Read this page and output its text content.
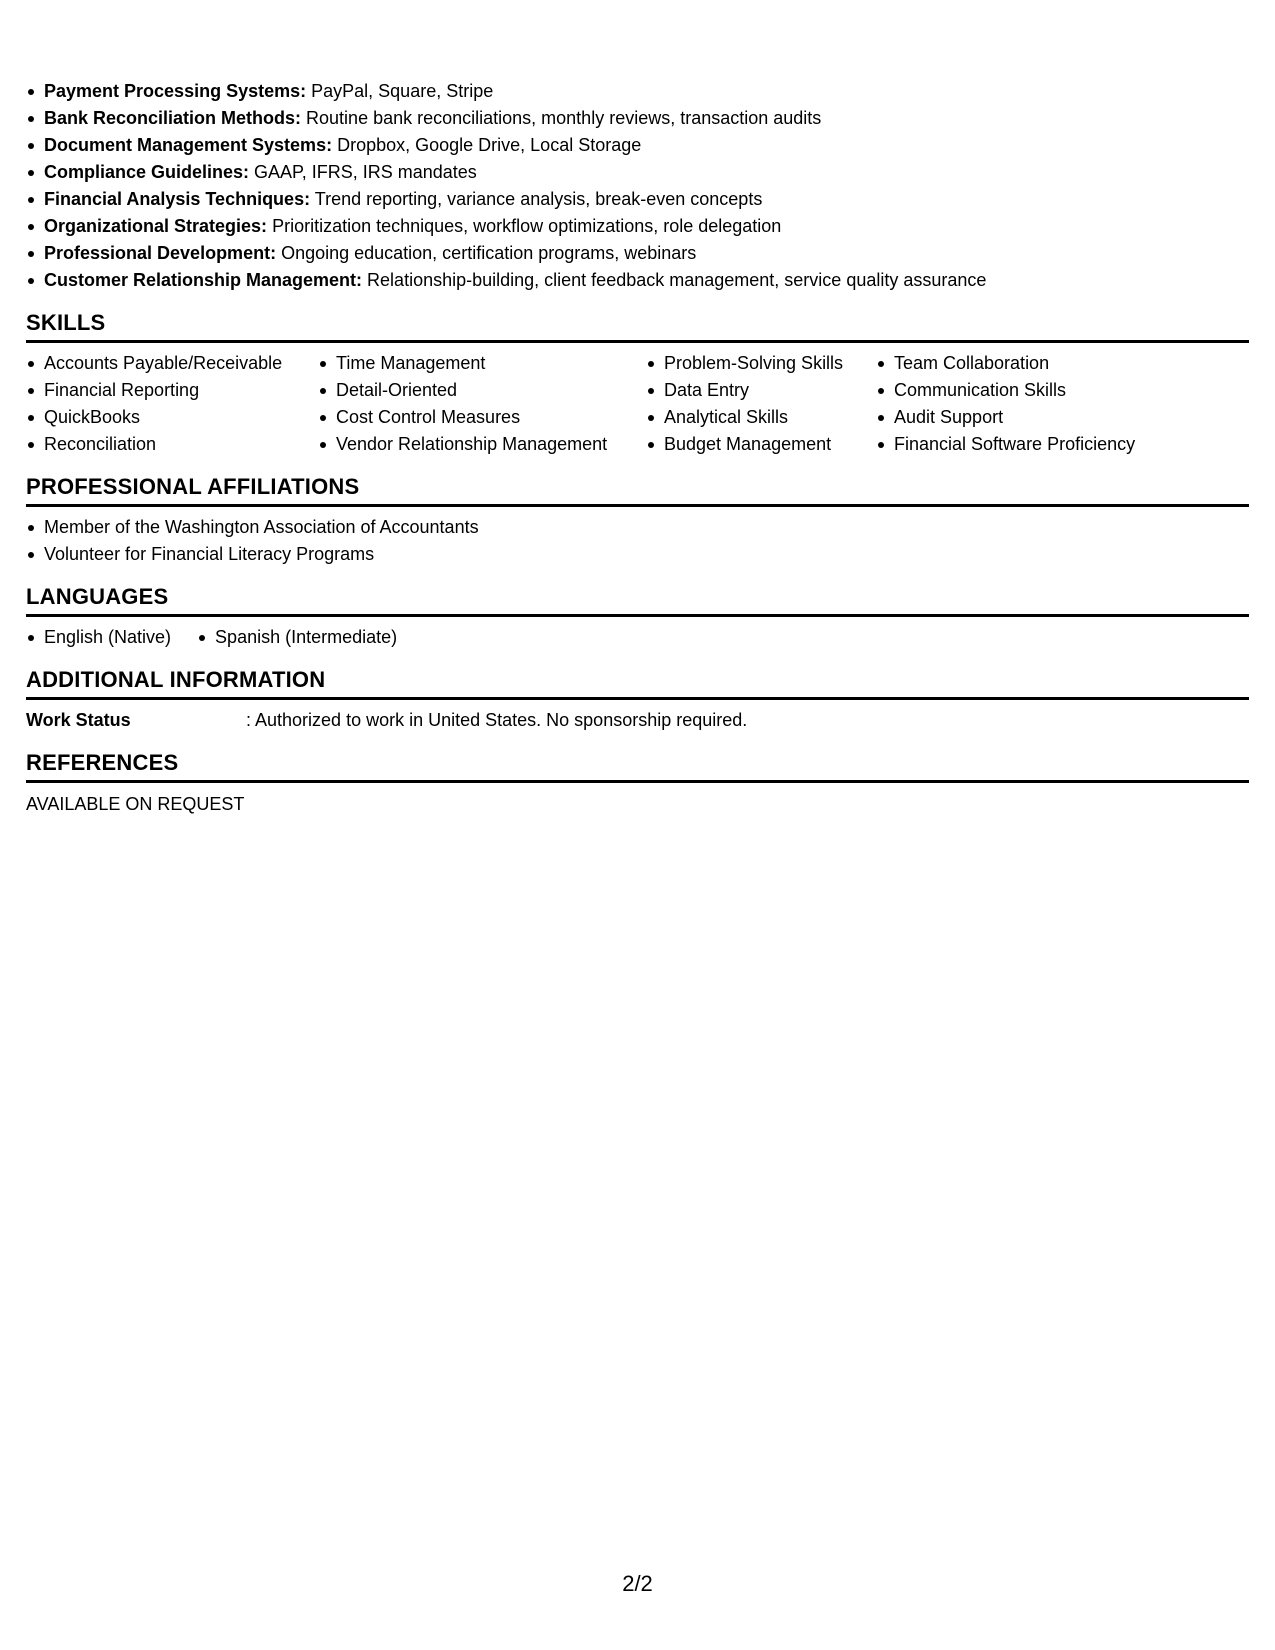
Payment Processing Systems: PayPal, Square, Stripe
Bank Reconciliation Methods: Routine bank reconciliations, monthly reviews, transaction audits
Document Management Systems: Dropbox, Google Drive, Local Storage
Compliance Guidelines: GAAP, IFRS, IRS mandates
Financial Analysis Techniques: Trend reporting, variance analysis, break-even concepts
Organizational Strategies: Prioritization techniques, workflow optimizations, role delegation
Professional Development: Ongoing education, certification programs, webinars
Customer Relationship Management: Relationship-building, client feedback management, service quality assurance
SKILLS
Accounts Payable/Receivable
Financial Reporting
QuickBooks
Reconciliation
Time Management
Detail-Oriented
Cost Control Measures
Vendor Relationship Management
Problem-Solving Skills
Data Entry
Analytical Skills
Budget Management
Team Collaboration
Communication Skills
Audit Support
Financial Software Proficiency
PROFESSIONAL AFFILIATIONS
Member of the Washington Association of Accountants
Volunteer for Financial Literacy Programs
LANGUAGES
English (Native)	Spanish (Intermediate)
ADDITIONAL INFORMATION
Work Status	: Authorized to work in United States. No sponsorship required.
REFERENCES
AVAILABLE ON REQUEST
2/2
